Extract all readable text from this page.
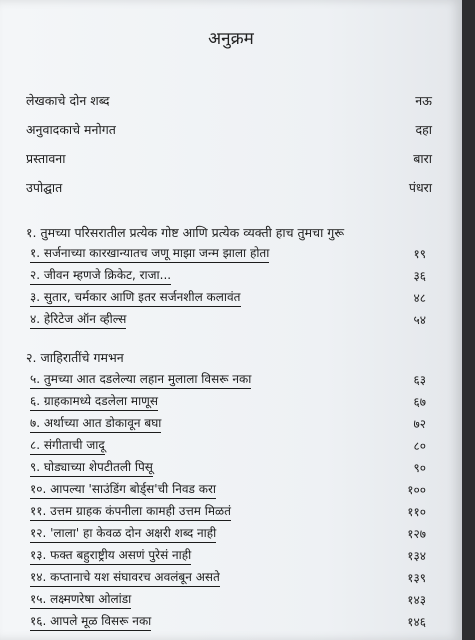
अनुक्रम
लेखकाचे दोन शब्द	नऊ
अनुवादकाचे मनोगत	दहा
प्रस्तावना	बारा
उपोद्घात	पंधरा
१. तुमच्या परिसरातील प्रत्येक गोष्ट आणि प्रत्येक व्यक्ती हाच तुमचा गुरू
१. सर्जनाच्या कारखान्यातच जणू माझा जन्म झाला होता	१९
२. जीवन म्हणजे क्रिकेट, राजा...	३६
३. सुतार, चर्मकार आणि इतर सर्जनशील कलावंत	४८
४. हेरिटेज ऑन व्हील्स	५४
२. जाहिरातींचे गमभन
५. तुमच्या आत दडलेल्या लहान मुलाला विसरू नका	६३
६. ग्राहकामध्ये दडलेला माणूस	६७
७. अर्थाच्या आत डोकावून बघा	७२
८. संगीताची जादू	८०
९. घोड्याच्या शेपटीतली पिसू	९०
१०. आपल्या 'साउंडिंग बोर्ड्स'ची निवड करा	१००
११. उत्तम ग्राहक कंपनीला कामही उत्तम मिळतं	११०
१२. 'लाला' हा केवळ दोन अक्षरी शब्द नाही	१२७
१३. फक्त बहुराष्ट्रीय असणं पुरेसं नाही	१३४
१४. कप्तानाचे यश संघावरच अवलंबून असते	१३९
१५. लक्ष्मणरेषा ओलांडा	१४३
१६. आपले मूळ विसरू नका	१४६
